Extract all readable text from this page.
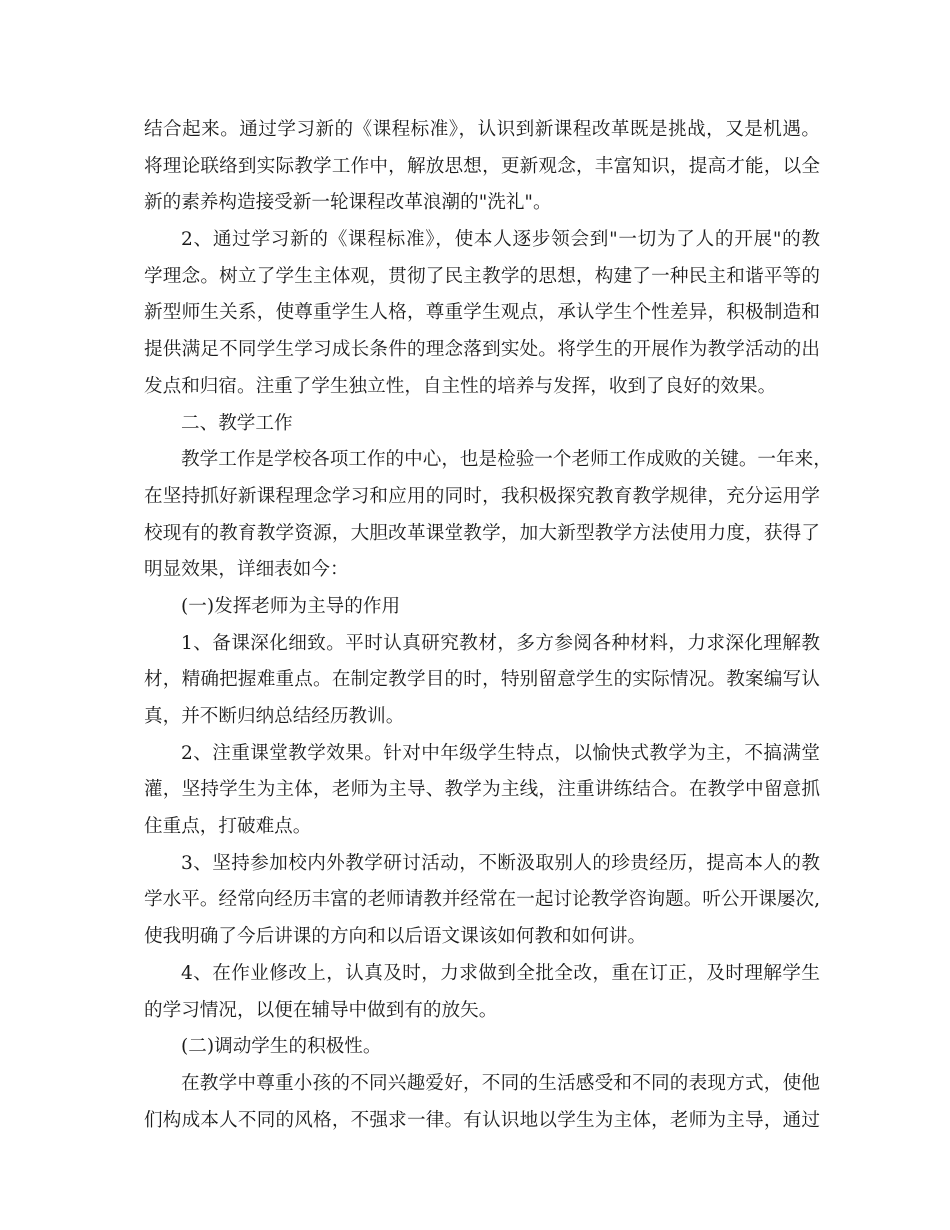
结合起来。通过学习新的《课程标准》，认识到新课程改革既是挑战，又是机遇。
将理论联络到实际教学工作中，解放思想，更新观念，丰富知识，提高才能，以全
新的素养构造接受新一轮课程改革浪潮的"洗礼"。
2、通过学习新的《课程标准》，使本人逐步领会到"一切为了人的开展"的教
学理念。树立了学生主体观，贯彻了民主教学的思想，构建了一种民主和谐平等的
新型师生关系，使尊重学生人格，尊重学生观点，承认学生个性差异，积极制造和
提供满足不同学生学习成长条件的理念落到实处。将学生的开展作为教学活动的出
发点和归宿。注重了学生独立性，自主性的培养与发挥，收到了良好的效果。
二、教学工作
教学工作是学校各项工作的中心，也是检验一个老师工作成败的关键。一年来，
在坚持抓好新课程理念学习和应用的同时，我积极探究教育教学规律，充分运用学
校现有的教育教学资源，大胆改革课堂教学，加大新型教学方法使用力度，获得了
明显效果，详细表如今：
(一)发挥老师为主导的作用
1、备课深化细致。平时认真研究教材，多方参阅各种材料，力求深化理解教
材，精确把握难重点。在制定教学目的时，特别留意学生的实际情况。教案编写认
真，并不断归纳总结经历教训。
2、注重课堂教学效果。针对中年级学生特点，以愉快式教学为主，不搞满堂
灌，坚持学生为主体，老师为主导、教学为主线，注重讲练结合。在教学中留意抓
住重点，打破难点。
3、坚持参加校内外教学研讨活动，不断汲取别人的珍贵经历，提高本人的教
学水平。经常向经历丰富的老师请教并经常在一起讨论教学咨询题。听公开课屡次,
使我明确了今后讲课的方向和以后语文课该如何教和如何讲。
4、在作业修改上，认真及时，力求做到全批全改，重在订正，及时理解学生
的学习情况，以便在辅导中做到有的放矢。
(二)调动学生的积极性。
在教学中尊重小孩的不同兴趣爱好，不同的生活感受和不同的表现方式，使他
们构成本人不同的风格，不强求一律。有认识地以学生为主体，老师为主导，通过
